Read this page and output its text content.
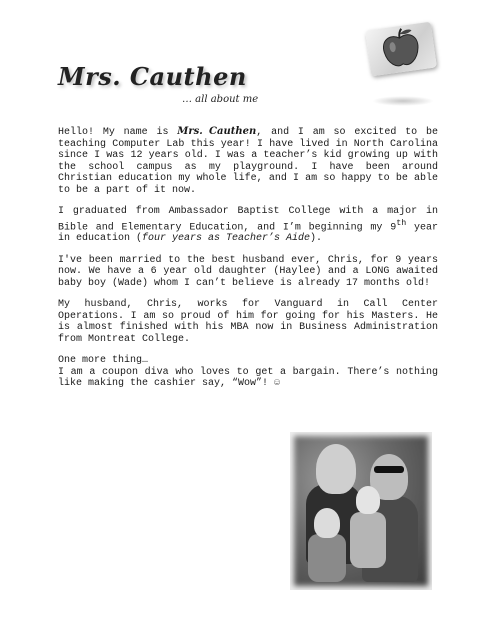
Mrs. Cauthen
… all about me

Hello! My name is Mrs. Cauthen, and I am so excited to be teaching Computer Lab this year! I have lived in North Carolina since I was 12 years old. I was a teacher’s kid growing up with the school campus as my playground. I have been around Christian education my whole life, and I am so happy to be able to be a part of it now.

I graduated from Ambassador Baptist College with a major in Bible and Elementary Education, and I’m beginning my 9th year in education (four years as Teacher’s Aide).

I've been married to the best husband ever, Chris, for 9 years now. We have a 6 year old daughter (Haylee) and a LONG awaited baby boy (Wade) whom I can’t believe is already 17 months old!

My husband, Chris, works for Vanguard in Call Center Operations. I am so proud of him for going for his Masters. He is almost finished with his MBA now in Business Administration from Montreat College.

One more thing…
I am a coupon diva who loves to get a bargain. There’s nothing like making the cashier say, “Wow”! ☺
